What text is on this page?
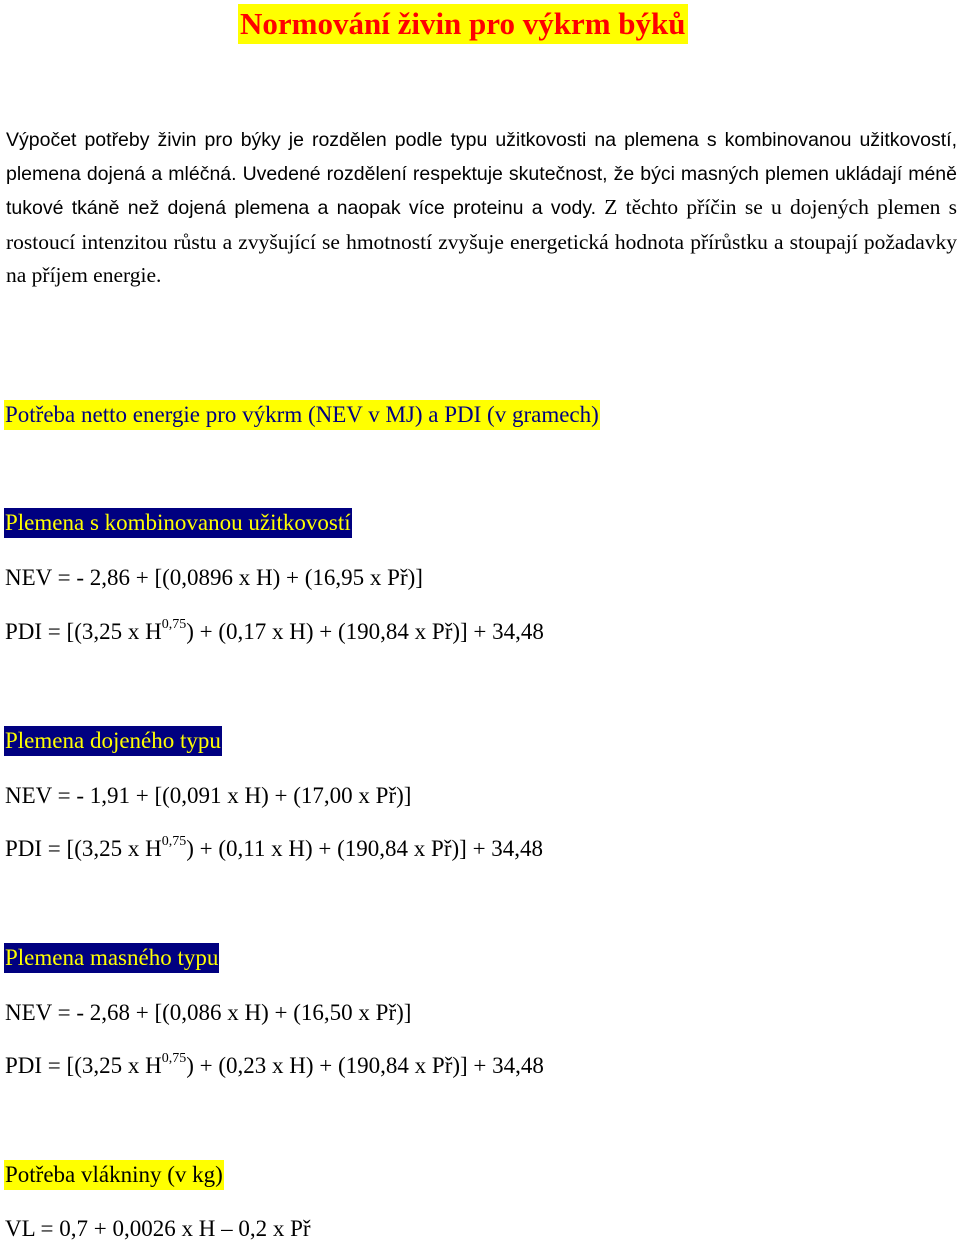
Normování živin pro výkrm býků

Výpočet potřeby živin pro býky je rozdělen podle typu užitkovosti na plemena s kombinovanou užitkovostí, plemena dojená a mléčná. Uvedené rozdělení respektuje skutečnost, že býci masných plemen ukládají méně tukové tkáně než dojená plemena a naopak více proteinu a vody. Z těchto příčin se u dojených plemen s rostoucí intenzitou růstu a zvyšující se hmotností zvyšuje energetická hodnota přírůstku a stoupají požadavky na příjem energie.

Potřeba netto energie pro výkrm (NEV v MJ) a PDI (v gramech)
Plemena s kombinovanou užitkovostí
NEV = - 2,86 + [(0,0896 x H) + (16,95 x Př)]
PDI = [(3,25 x H$^{0,75}$) + (0,17 x H) + (190,84 x Př)] + 34,48
Plemena dojeného typu
NEV = - 1,91 + [(0,091 x H) + (17,00 x Př)]
PDI = [(3,25 x H$^{0,75}$) + (0,11 x H) + (190,84 x Př)] + 34,48
Plemena masného typu
NEV = - 2,68 + [(0,086 x H) + (16,50 x Př)]
PDI = [(3,25 x H$^{0,75}$) + (0,23 x H) + (190,84 x Př)] + 34,48
Potřeba vlákniny (v kg)
VL = 0,7 + 0,0026 x H – 0,2 x Př
